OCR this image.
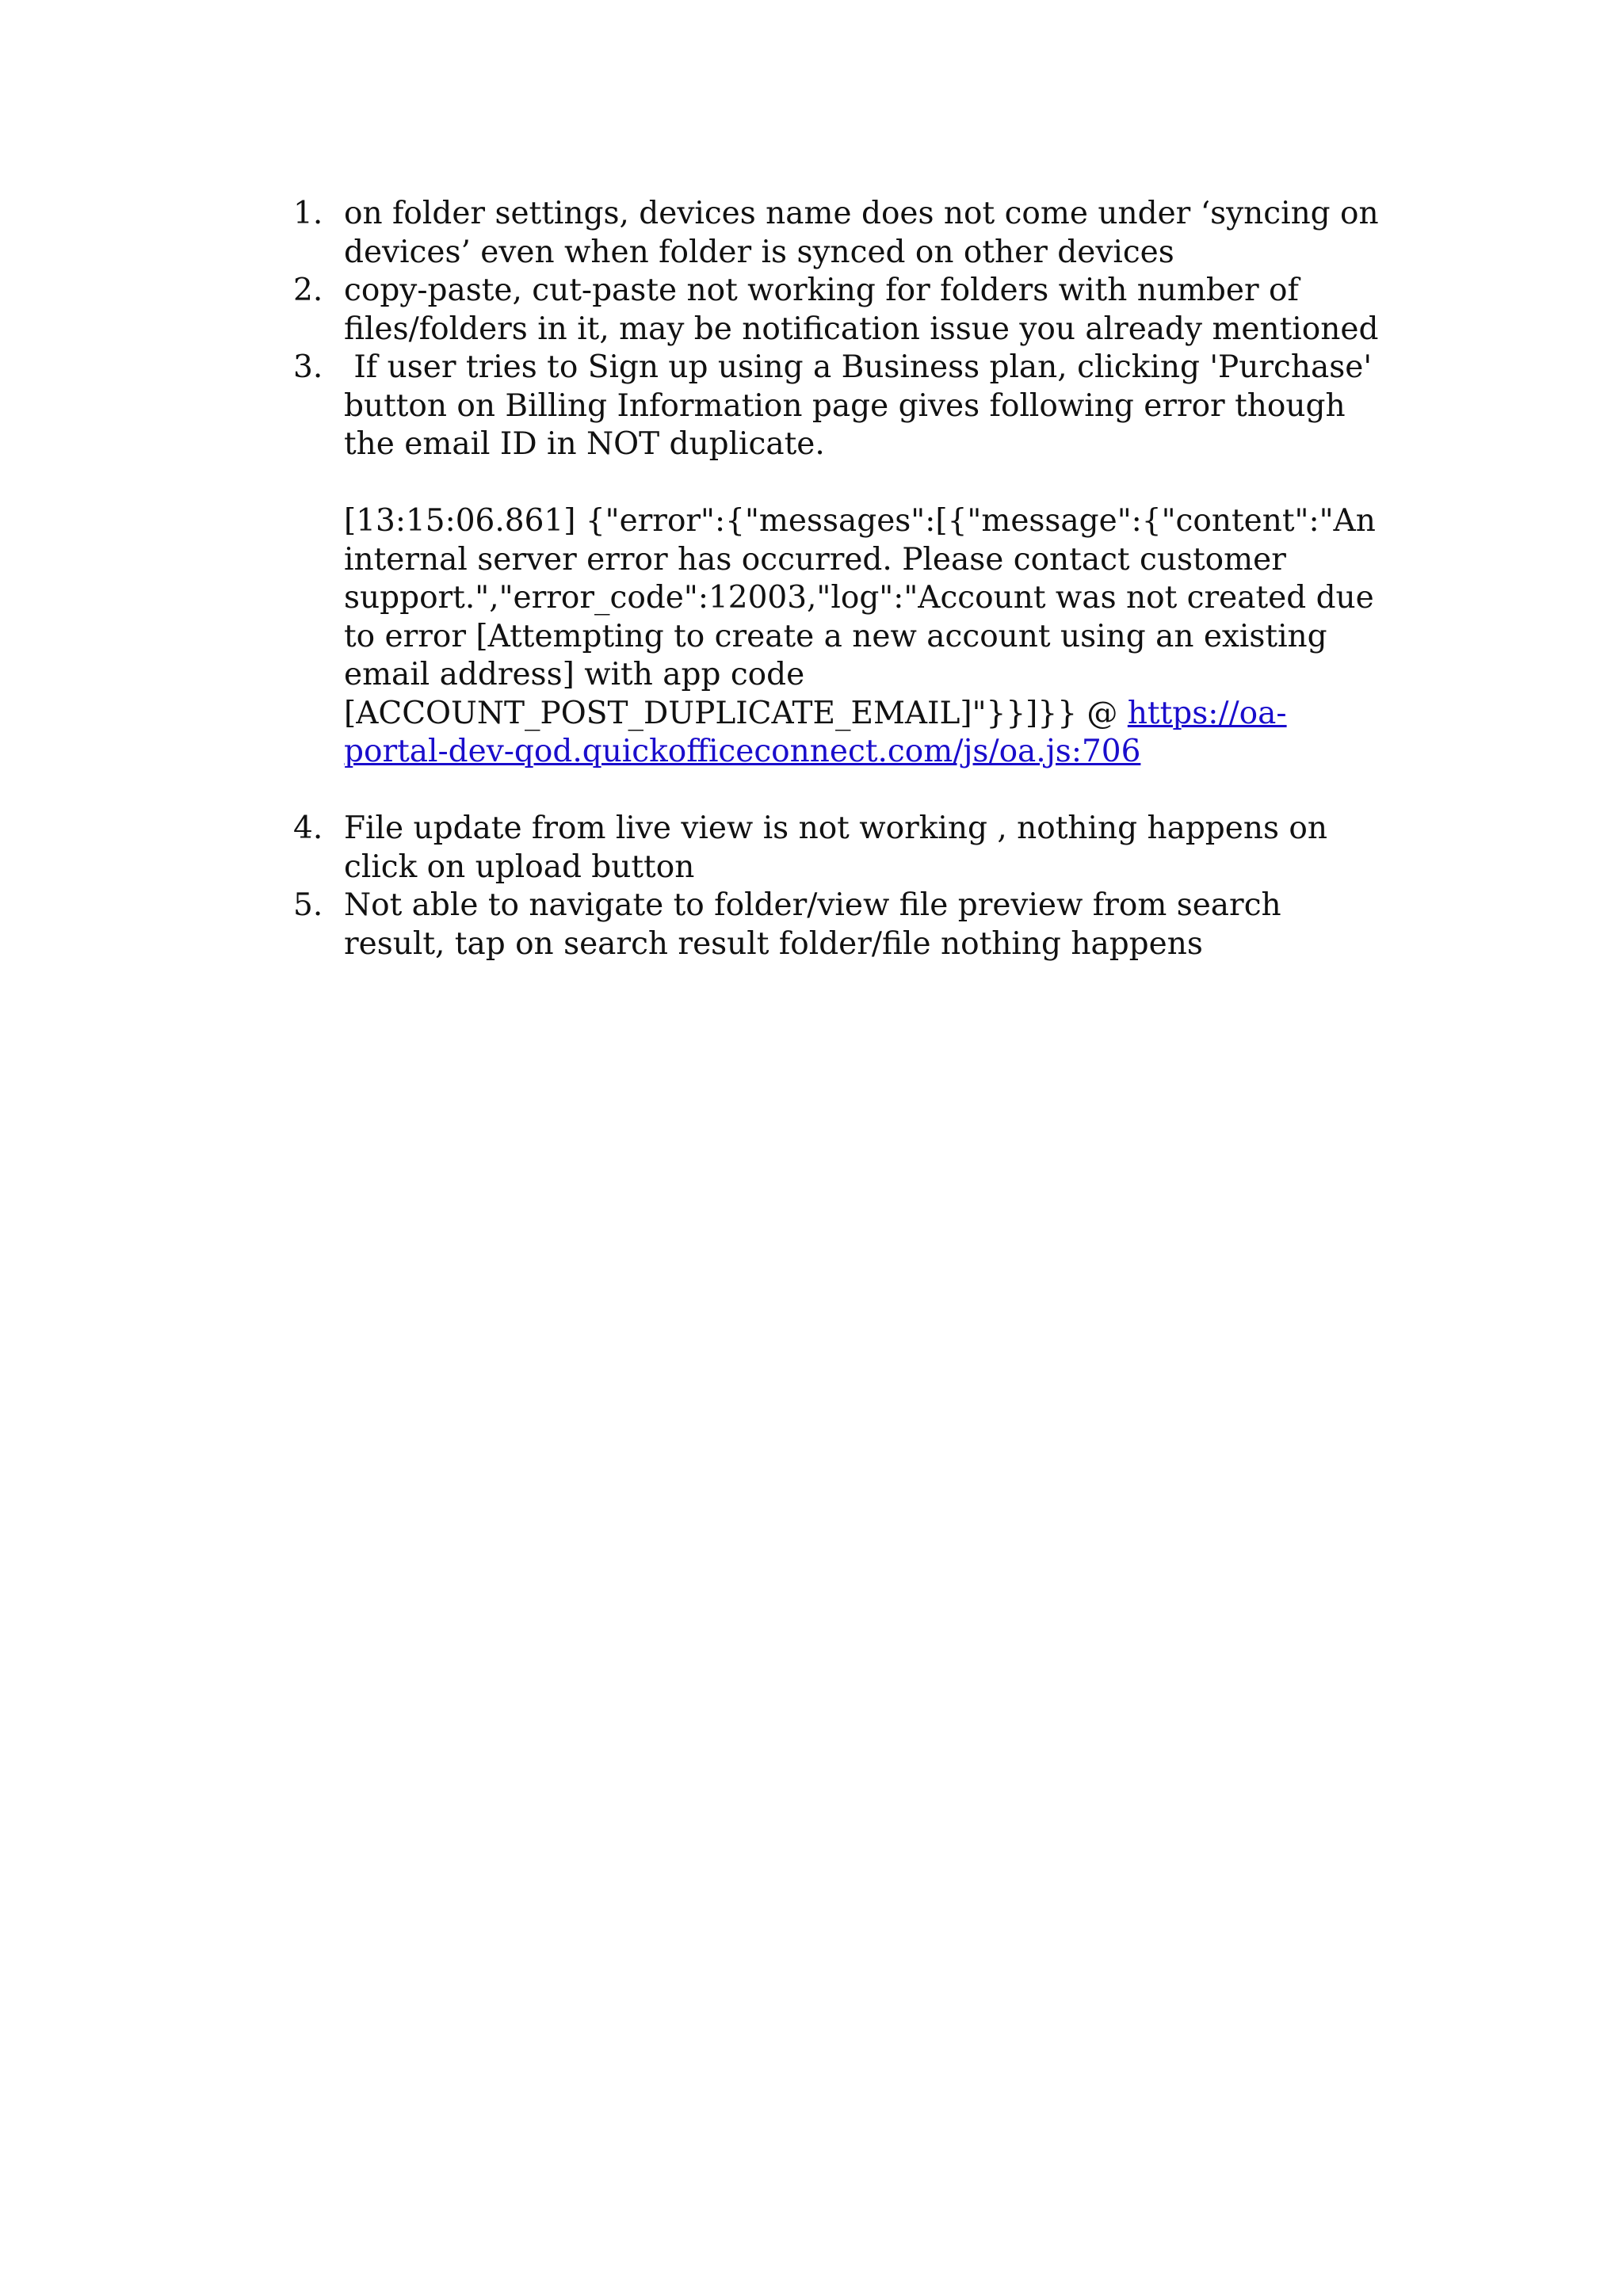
1. on folder settings, devices name does not come under ‘syncing on devices’ even when folder is synced on other devices
2. copy-paste, cut-paste not working for folders with number of files/folders in it, may be notification issue you already mentioned
3. If user tries to Sign up using a Business plan, clicking 'Purchase' button on Billing Information page gives following error though the email ID in NOT duplicate.
[13:15:06.861] {"error":{"messages":[{"message":{"content":"An internal server error has occurred. Please contact customer support.","error_code":12003,"log":"Account was not created due to error [Attempting to create a new account using an existing email address] with app code [ACCOUNT_POST_DUPLICATE_EMAIL]"}}]}} @ https://oa-portal-dev-qod.quickofficeconnect.com/js/oa.js:706
4. File update from live view is not working , nothing happens on click on upload button
5. Not able to navigate to folder/view file preview from search result, tap on search result folder/file nothing happens
